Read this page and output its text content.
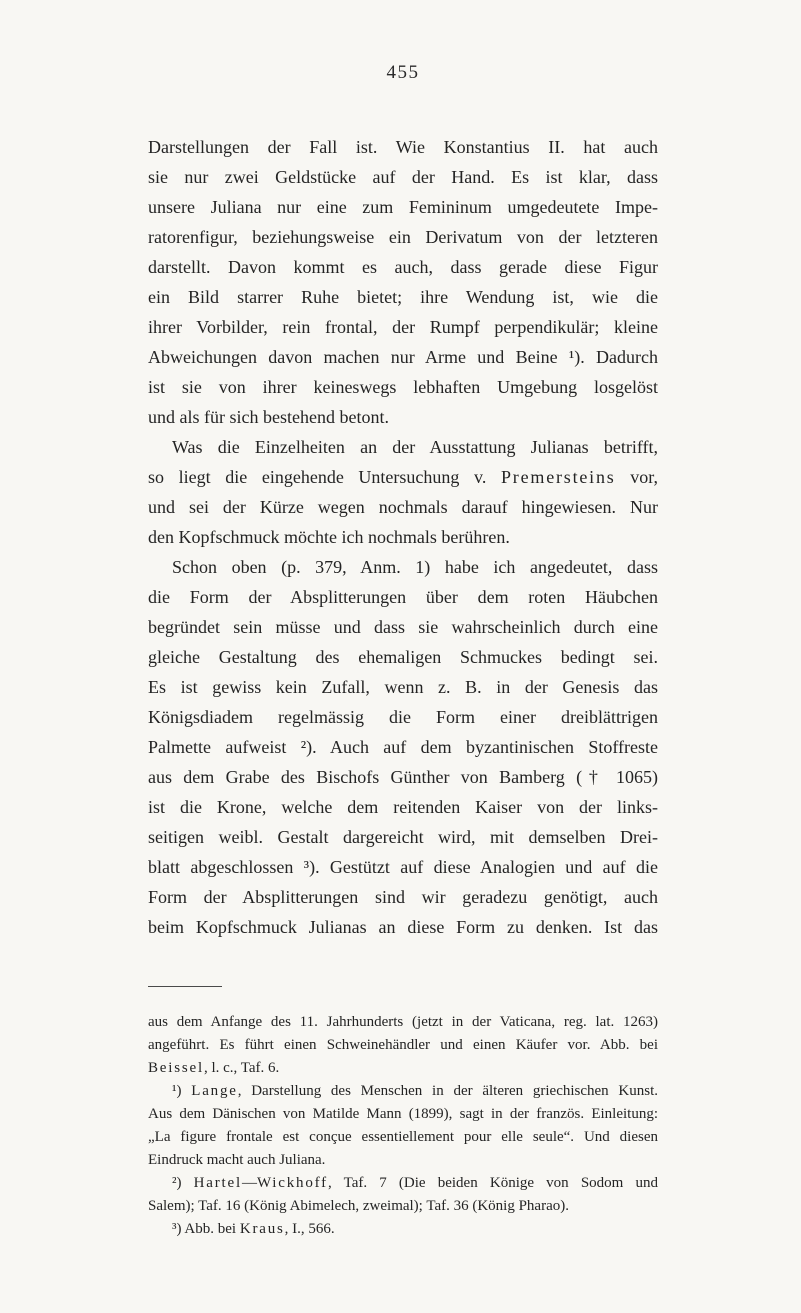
455

Darstellungen der Fall ist. Wie Konstantius II. hat auch
sie nur zwei Geldstücke auf der Hand. Es ist klar, dass
unsere Juliana nur eine zum Femininum umgedeutete Impe-
ratorenfigur, beziehungsweise ein Derivatum von der letzteren
darstellt. Davon kommt es auch, dass gerade diese Figur
ein Bild starrer Ruhe bietet; ihre Wendung ist, wie die
ihrer Vorbilder, rein frontal, der Rumpf perpendikulär; kleine
Abweichungen davon machen nur Arme und Beine ¹). Dadurch
ist sie von ihrer keineswegs lebhaften Umgebung losgelöst
und als für sich bestehend betont.

Was die Einzelheiten an der Ausstattung Julianas betrifft,
so liegt die eingehende Untersuchung v. Premersteins vor,
und sei der Kürze wegen nochmals darauf hingewiesen. Nur
den Kopfschmuck möchte ich nochmals berühren.

Schon oben (p. 379, Anm. 1) habe ich angedeutet, dass
die Form der Absplitterungen über dem roten Häubchen
begründet sein müsse und dass sie wahrscheinlich durch eine
gleiche Gestaltung des ehemaligen Schmuckes bedingt sei.
Es ist gewiss kein Zufall, wenn z. B. in der Genesis das
Königsdiadem regelmässig die Form einer dreiblättrigen
Palmette aufweist ²). Auch auf dem byzantinischen Stoffreste
aus dem Grabe des Bischofs Günther von Bamberg († 1065)
ist die Krone, welche dem reitenden Kaiser von der links-
seitigen weibl. Gestalt dargereicht wird, mit demselben Drei-
blatt abgeschlossen ³). Gestützt auf diese Analogien und auf die
Form der Absplitterungen sind wir geradezu genötigt, auch
beim Kopfschmuck Julianas an diese Form zu denken. Ist das

aus dem Anfange des 11. Jahrhunderts (jetzt in der Vaticana, reg. lat. 1263)
angeführt. Es führt einen Schweinehändler und einen Käufer vor. Abb. bei
Beissel, l. c., Taf. 6.

¹) Lange, Darstellung des Menschen in der älteren griechischen Kunst.
Aus dem Dänischen von Matilde Mann (1899), sagt in der französ. Einleitung:
„La figure frontale est conçue essentiellement pour elle seule“. Und diesen
Eindruck macht auch Juliana.

²) Hartel—Wickhoff, Taf. 7 (Die beiden Könige von Sodom und
Salem); Taf. 16 (König Abimelech, zweimal); Taf. 36 (König Pharao).

³) Abb. bei Kraus, I., 566.
